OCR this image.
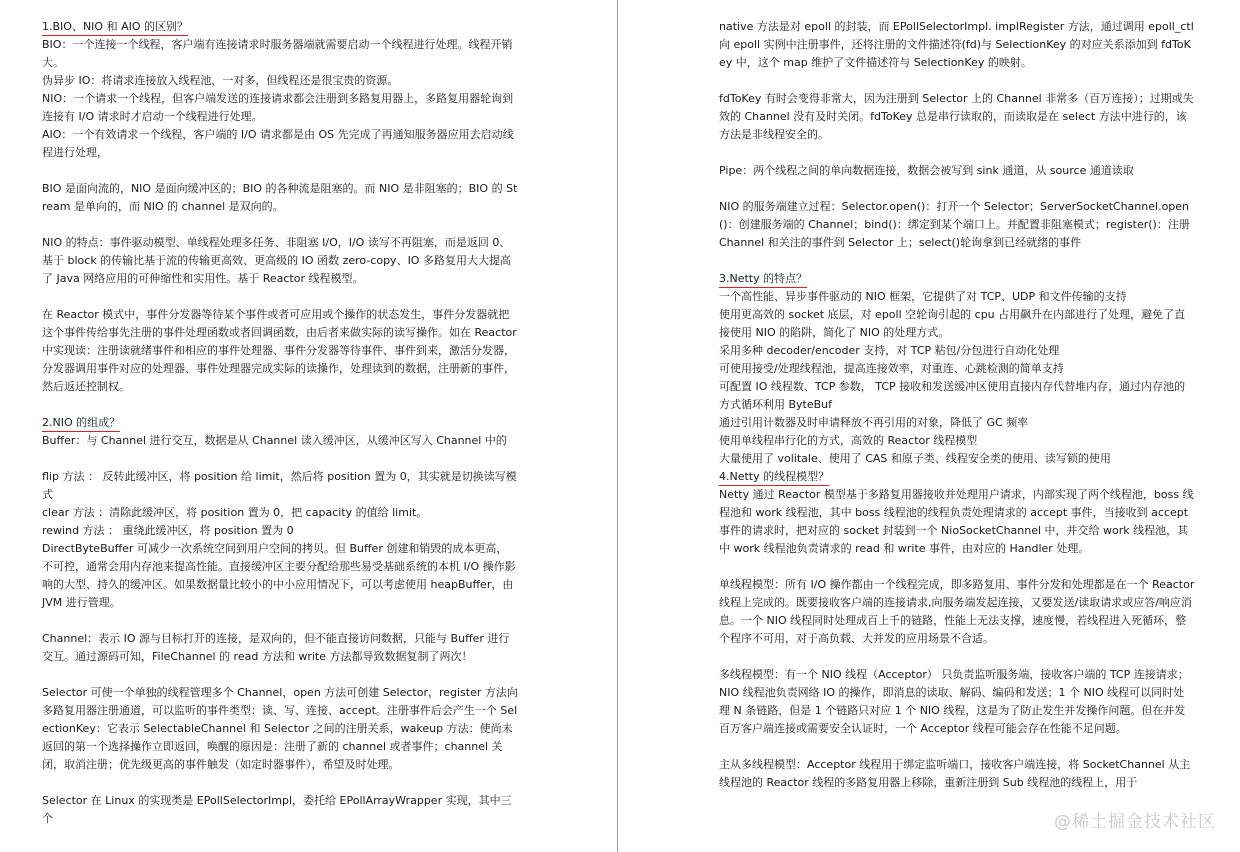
1.BIO、NIO 和 AIO 的区别？

BIO：一个连接一个线程，客户端有连接请求时服务器端就需要启动一个线程进行处理。线程开销大。

伪异步 IO：将请求连接放入线程池，一对多，但线程还是很宝贵的资源。

NIO：一个请求一个线程，但客户端发送的连接请求都会注册到多路复用器上，多路复用器轮询到连接有 I/O 请求时才启动一个线程进行处理。

AIO：一个有效请求一个线程，客户端的 I/O 请求都是由 OS 先完成了再通知服务器应用去启动线程进行处理，

BIO 是面向流的，NIO 是面向缓冲区的；BIO 的各种流是阻塞的。而 NIO 是非阻塞的；BIO 的 Stream 是单向的，而 NIO 的 channel 是双向的。

NIO 的特点：事件驱动模型、单线程处理多任务、非阻塞 I/O，I/O 读写不再阻塞，而是返回 0、基于 block 的传输比基于流的传输更高效、更高级的 IO 函数 zero-copy、IO 多路复用大大提高了 Java 网络应用的可伸缩性和实用性。基于 Reactor 线程模型。

在 Reactor 模式中，事件分发器等待某个事件或者可应用或个操作的状态发生，事件分发器就把这个事件传给事先注册的事件处理函数或者回调函数，由后者来做实际的读写操作。如在 Reactor 中实现读：注册读就绪事件和相应的事件处理器、事件分发器等待事件、事件到来，激活分发器，分发器调用事件对应的处理器、事件处理器完成实际的读操作，处理读到的数据，注册新的事件，然后返还控制权。

2.NIO 的组成？

Buffer：与 Channel 进行交互，数据是从 Channel 读入缓冲区，从缓冲区写入 Channel 中的

flip 方法 ： 反转此缓冲区，将 position 给 limit，然后将 position 置为 0，其实就是切换读写模式

clear 方法 ：清除此缓冲区，将 position 置为 0，把 capacity 的值给 limit。

rewind 方法 ： 重绕此缓冲区，将 position 置为 0

DirectByteBuffer 可减少一次系统空间到用户空间的拷贝。但 Buffer 创建和销毁的成本更高，不可控，通常会用内存池来提高性能。直接缓冲区主要分配给那些易受基础系统的本机 I/O 操作影响的大型、持久的缓冲区。如果数据量比较小的中小应用情况下，可以考虑使用 heapBuffer，由 JVM 进行管理。

Channel：表示 IO 源与目标打开的连接，是双向的，但不能直接访问数据，只能与 Buffer 进行交互。通过源码可知，FileChannel 的 read 方法和 write 方法都导致数据复制了两次！

Selector 可使一个单独的线程管理多个 Channel，open 方法可创建 Selector，register 方法向多路复用器注册通道，可以监听的事件类型：读、写、连接、accept。注册事件后会产生一个 SelectionKey：它表示 SelectableChannel 和 Selector 之间的注册关系，wakeup 方法：使尚未返回的第一个选择操作立即返回，唤醒的原因是：注册了新的 channel 或者事件；channel 关闭，取消注册；优先级更高的事件触发（如定时器事件），希望及时处理。

Selector 在 Linux 的实现类是 EPollSelectorImpl，委托给 EPollArrayWrapper 实现，其中三个

native 方法是对 epoll 的封装，而 EPollSelectorImpl. implRegister 方法，通过调用 epoll_ctl 向 epoll 实例中注册事件，还将注册的文件描述符(fd)与 SelectionKey 的对应关系添加到 fdToKey 中，这个 map 维护了文件描述符与 SelectionKey 的映射。

fdToKey 有时会变得非常大，因为注册到 Selector 上的 Channel 非常多（百万连接）；过期或失效的 Channel 没有及时关闭。fdToKey 总是串行读取的，而读取是在 select 方法中进行的，该方法是非线程安全的。

Pipe：两个线程之间的单向数据连接，数据会被写到 sink 通道，从 source 通道读取

NIO 的服务端建立过程：Selector.open()：打开一个 Selector；ServerSocketChannel.open()：创建服务端的 Channel；bind()：绑定到某个端口上。并配置非阻塞模式；register()：注册 Channel 和关注的事件到 Selector 上；select()轮询拿到已经就绪的事件

3.Netty 的特点？

一个高性能、异步事件驱动的 NIO 框架，它提供了对 TCP、UDP 和文件传输的支持

使用更高效的 socket 底层，对 epoll 空轮询引起的 cpu 占用飙升在内部进行了处理，避免了直接使用 NIO 的陷阱，简化了 NIO 的处理方式。

采用多种 decoder/encoder 支持，对 TCP 粘包/分包进行自动化处理

可使用接受/处理线程池，提高连接效率，对重连、心跳检测的简单支持

可配置 IO 线程数、TCP 参数， TCP 接收和发送缓冲区使用直接内存代替堆内存，通过内存池的方式循环利用 ByteBuf

通过引用计数器及时申请释放不再引用的对象，降低了 GC 频率

使用单线程串行化的方式，高效的 Reactor 线程模型

大量使用了 volitale、使用了 CAS 和原子类、线程安全类的使用、读写锁的使用

4.Netty 的线程模型？

Netty 通过 Reactor 模型基于多路复用器接收并处理用户请求，内部实现了两个线程池，boss 线程池和 work 线程池，其中 boss 线程池的线程负责处理请求的 accept 事件，当接收到 accept 事件的请求时，把对应的 socket 封装到一个 NioSocketChannel 中，并交给 work 线程池，其中 work 线程池负责请求的 read 和 write 事件，由对应的 Handler 处理。

单线程模型：所有 I/O 操作都由一个线程完成，即多路复用、事件分发和处理都是在一个 Reactor 线程上完成的。既要接收客户端的连接请求,向服务端发起连接，又要发送/读取请求或应答/响应消息。一个 NIO 线程同时处理成百上千的链路，性能上无法支撑，速度慢，若线程进入死循环，整个程序不可用，对于高负载、大并发的应用场景不合适。

多线程模型：有一个 NIO 线程（Acceptor） 只负责监听服务端，接收客户端的 TCP 连接请求；NIO 线程池负责网络 IO 的操作，即消息的读取、解码、编码和发送；1 个 NIO 线程可以同时处理 N 条链路，但是 1 个链路只对应 1 个 NIO 线程，这是为了防止发生并发操作问题。但在并发百万客户端连接或需要安全认证时，一个 Acceptor 线程可能会存在性能不足问题。

主从多线程模型：Acceptor 线程用于绑定监听端口，接收客户端连接，将 SocketChannel 从主线程池的 Reactor 线程的多路复用器上移除，重新注册到 Sub 线程池的线程上，用于

@稀土掘金技术社区
